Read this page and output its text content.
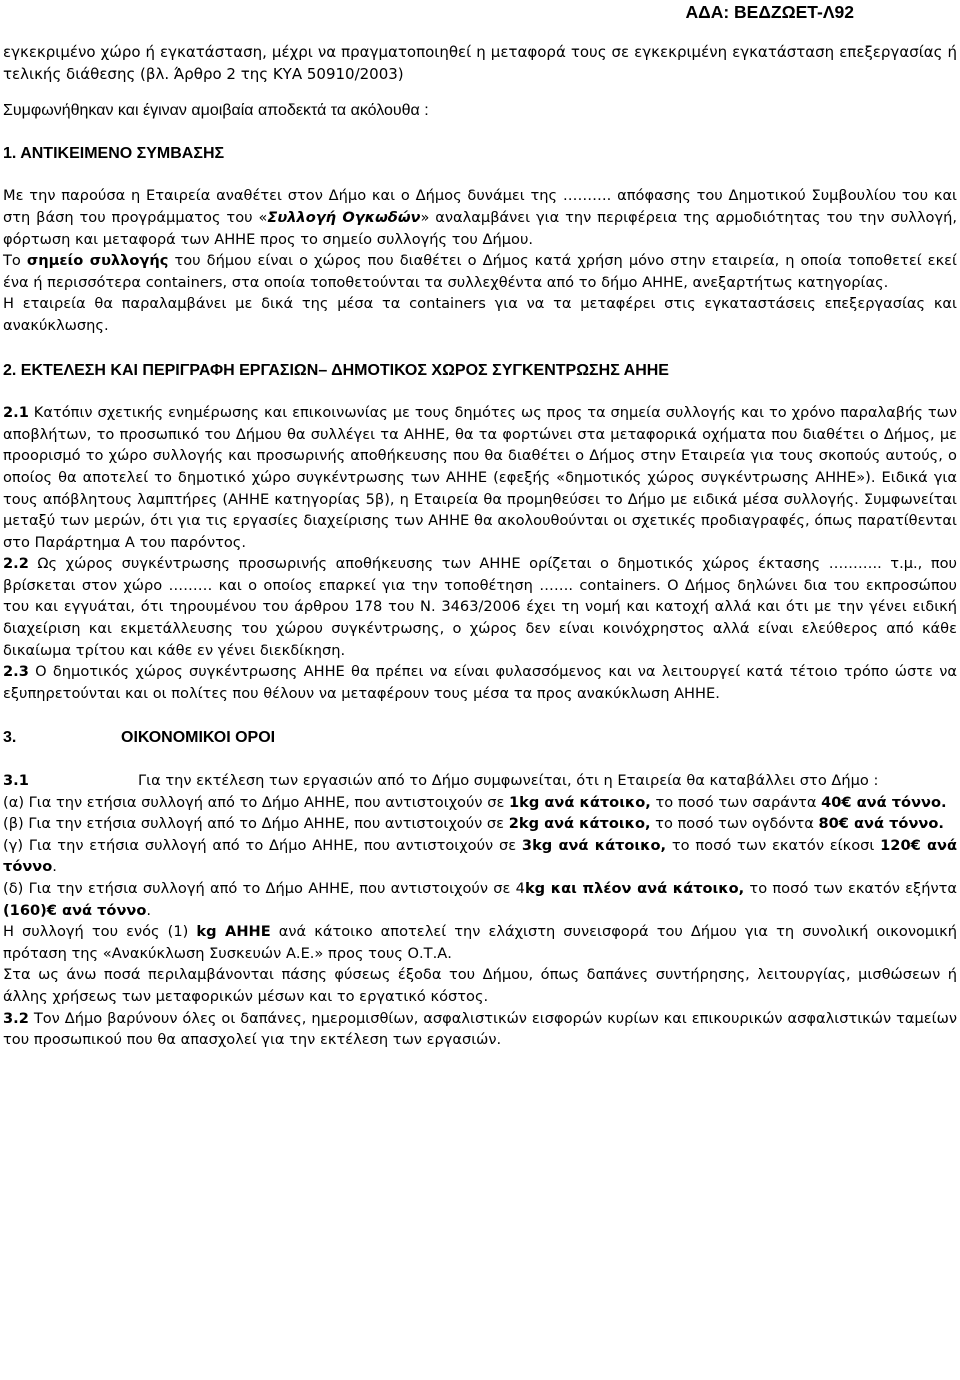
ΑΔΑ: ΒΕΔΖΩΕΤ-Λ92

εγκεκριμένο χώρο ή εγκατάσταση, μέχρι να πραγματοποιηθεί η μεταφορά τους σε εγκεκριμένη εγκατάσταση επεξεργασίας ή τελικής διάθεσης (βλ. Άρθρο 2 της ΚΥΑ 50910/2003)

Συμφωνήθηκαν και έγιναν αμοιβαία αποδεκτά τα ακόλουθα :

1. ΑΝΤΙΚΕΙΜΕΝΟ ΣΥΜΒΑΣΗΣ

Με την παρούσα η Εταιρεία αναθέτει στον Δήμο και ο Δήμος δυνάμει της ………. απόφασης του Δημοτικού Συμβουλίου του και στη βάση του προγράμματος του «Συλλογή Ογκωδών» αναλαμβάνει για την περιφέρεια της αρμοδιότητας του την συλλογή, φόρτωση και μεταφορά των ΑΗΗΕ προς το σημείο συλλογής του Δήμου.

Το σημείο συλλογής του δήμου είναι ο χώρος που διαθέτει ο Δήμος κατά χρήση μόνο στην εταιρεία, η οποία τοποθετεί εκεί ένα ή περισσότερα containers, στα οποία τοποθετούνται τα συλλεχθέντα από το δήμο ΑΗΗΕ, ανεξαρτήτως κατηγορίας.

Η εταιρεία θα παραλαμβάνει με δικά της μέσα τα containers για να τα μεταφέρει στις εγκαταστάσεις επεξεργασίας και ανακύκλωσης.

2. ΕΚΤΕΛΕΣΗ ΚΑΙ ΠΕΡΙΓΡΑΦΗ ΕΡΓΑΣΙΩΝ– ΔΗΜΟΤΙΚΟΣ ΧΩΡΟΣ ΣΥΓΚΕΝΤΡΩΣΗΣ ΑΗΗΕ

2.1 Κατόπιν σχετικής ενημέρωσης και επικοινωνίας με τους δημότες ως προς τα σημεία συλλογής και το χρόνο παραλαβής των αποβλήτων, το προσωπικό του Δήμου θα συλλέγει τα ΑΗΗΕ, θα τα φορτώνει στα μεταφορικά οχήματα που διαθέτει ο Δήμος, με προορισμό το χώρο συλλογής και προσωρινής αποθήκευσης που θα διαθέτει ο Δήμος στην Εταιρεία για τους σκοπούς αυτούς, ο οποίος θα αποτελεί το δημοτικό χώρο συγκέντρωσης των ΑΗΗΕ (εφεξής «δημοτικός χώρος συγκέντρωσης ΑΗΗΕ»). Ειδικά για τους απόβλητους λαμπτήρες (ΑΗΗΕ κατηγορίας 5β), η Εταιρεία θα προμηθεύσει το Δήμο με ειδικά μέσα συλλογής. Συμφωνείται μεταξύ των μερών, ότι για τις εργασίες διαχείρισης των ΑΗΗΕ θα ακολουθούνται οι σχετικές προδιαγραφές, όπως παρατίθενται στο Παράρτημα Α του παρόντος.

2.2 Ως χώρος συγκέντρωσης προσωρινής αποθήκευσης των ΑΗΗΕ ορίζεται ο δημοτικός χώρος έκτασης ……….. τ.μ., που βρίσκεται στον χώρο ……… και ο οποίος επαρκεί για την τοποθέτηση ……. containers. Ο Δήμος δηλώνει δια του εκπροσώπου του και εγγυάται, ότι τηρουμένου του άρθρου 178 του Ν. 3463/2006 έχει τη νομή και κατοχή αλλά και ότι με την γένει ειδική διαχείριση και εκμετάλλευσης του χώρου συγκέντρωσης, ο χώρος δεν είναι κοινόχρηστος αλλά είναι ελεύθερος από κάθε δικαίωμα τρίτου και κάθε εν γένει διεκδίκηση.

2.3 Ο δημοτικός χώρος συγκέντρωσης ΑΗΗΕ θα πρέπει να είναι φυλασσόμενος και να λειτουργεί κατά τέτοιο τρόπο ώστε να εξυπηρετούνται και οι πολίτες που θέλουν να μεταφέρουν τους μέσα τα προς ανακύκλωση ΑΗΗΕ.

3.	ΟΙΚΟΝΟΜΙΚΟΙ ΟΡΟΙ

3.1	Για την εκτέλεση των εργασιών από το Δήμο συμφωνείται, ότι η Εταιρεία θα καταβάλλει στο Δήμο :

(α) Για την ετήσια συλλογή από το Δήμο ΑΗΗΕ, που αντιστοιχούν σε 1kg ανά κάτοικο, το ποσό των σαράντα 40€ ανά τόννο.

(β) Για την ετήσια συλλογή από το Δήμο ΑΗΗΕ, που αντιστοιχούν σε 2kg ανά κάτοικο, το ποσό των ογδόντα 80€ ανά τόννο.

(γ) Για την ετήσια συλλογή από το Δήμο ΑΗΗΕ, που αντιστοιχούν σε 3kg ανά κάτοικο, το ποσό των εκατόν είκοσι 120€ ανά τόννο.

(δ) Για την ετήσια συλλογή από το Δήμο ΑΗΗΕ, που αντιστοιχούν σε 4kg και πλέον ανά κάτοικο, το ποσό των εκατόν εξήντα (160)€ ανά τόννο.

Η συλλογή του ενός (1) kg ΑΗΗΕ ανά κάτοικο αποτελεί την ελάχιστη συνεισφορά του Δήμου για τη συνολική οικονομική πρόταση της «Ανακύκλωση Συσκευών Α.Ε.» προς τους Ο.Τ.Α.

Στα ως άνω ποσά περιλαμβάνονται πάσης φύσεως έξοδα του Δήμου, όπως δαπάνες συντήρησης, λειτουργίας, μισθώσεων ή άλλης χρήσεως των μεταφορικών μέσων και το εργατικό κόστος.

3.2 Τον Δήμο βαρύνουν όλες οι δαπάνες, ημερομισθίων, ασφαλιστικών εισφορών κυρίων και επικουρικών ασφαλιστικών ταμείων του προσωπικού που θα απασχολεί για την εκτέλεση των εργασιών.
